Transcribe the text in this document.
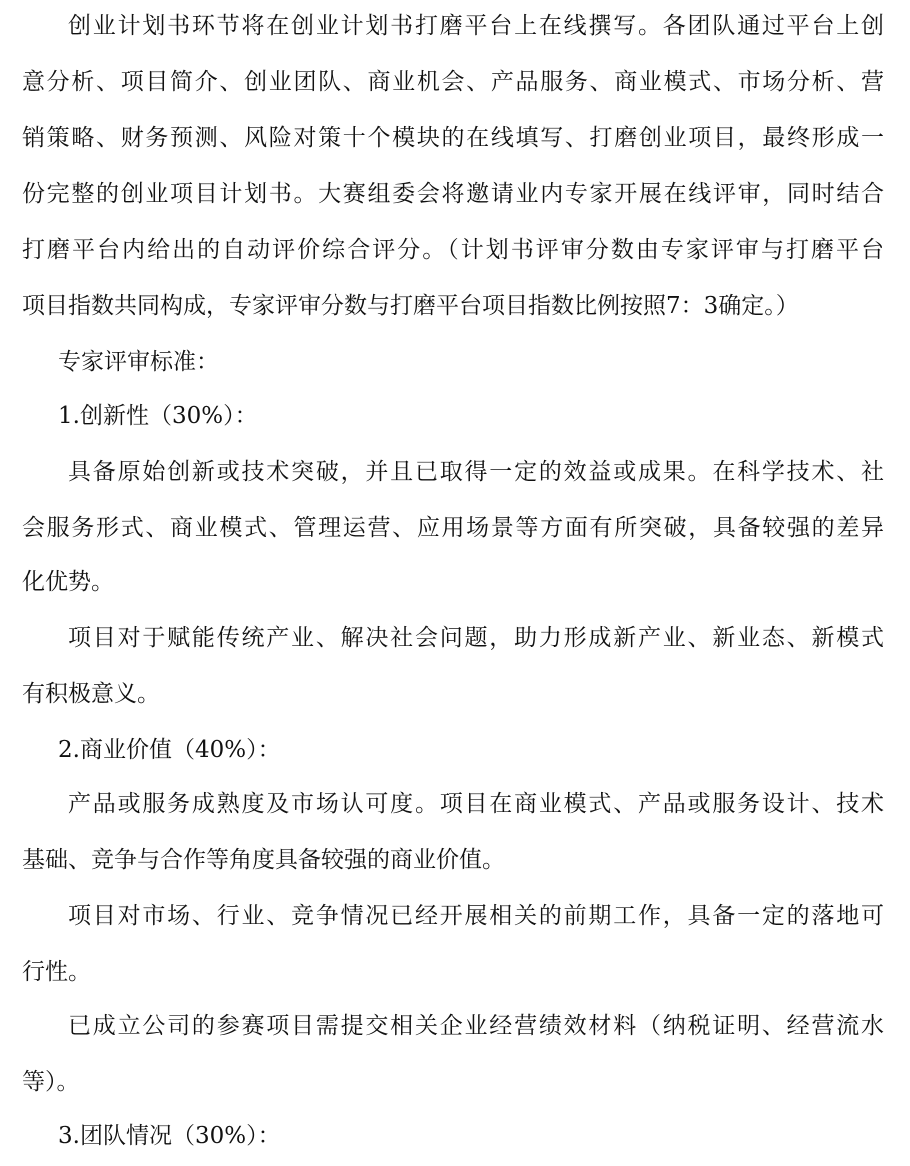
创业计划书环节将在创业计划书打磨平台上在线撰写。各团队通过平台上创
意分析、项目简介、创业团队、商业机会、产品服务、商业模式、市场分析、营
销策略、财务预测、风险对策十个模块的在线填写、打磨创业项目，最终形成一
份完整的创业项目计划书。大赛组委会将邀请业内专家开展在线评审，同时结合
打磨平台内给出的自动评价综合评分。（计划书评审分数由专家评审与打磨平台
项目指数共同构成，专家评审分数与打磨平台项目指数比例按照7：3确定。）
专家评审标准：
1.创新性（30%）：
具备原始创新或技术突破，并且已取得一定的效益或成果。在科学技术、社
会服务形式、商业模式、管理运营、应用场景等方面有所突破，具备较强的差异
化优势。
项目对于赋能传统产业、解决社会问题，助力形成新产业、新业态、新模式
有积极意义。
2.商业价值（40%）：
产品或服务成熟度及市场认可度。项目在商业模式、产品或服务设计、技术
基础、竞争与合作等角度具备较强的商业价值。
项目对市场、行业、竞争情况已经开展相关的前期工作，具备一定的落地可
行性。
已成立公司的参赛项目需提交相关企业经营绩效材料（纳税证明、经营流水
等）。
3.团队情况（30%）：
